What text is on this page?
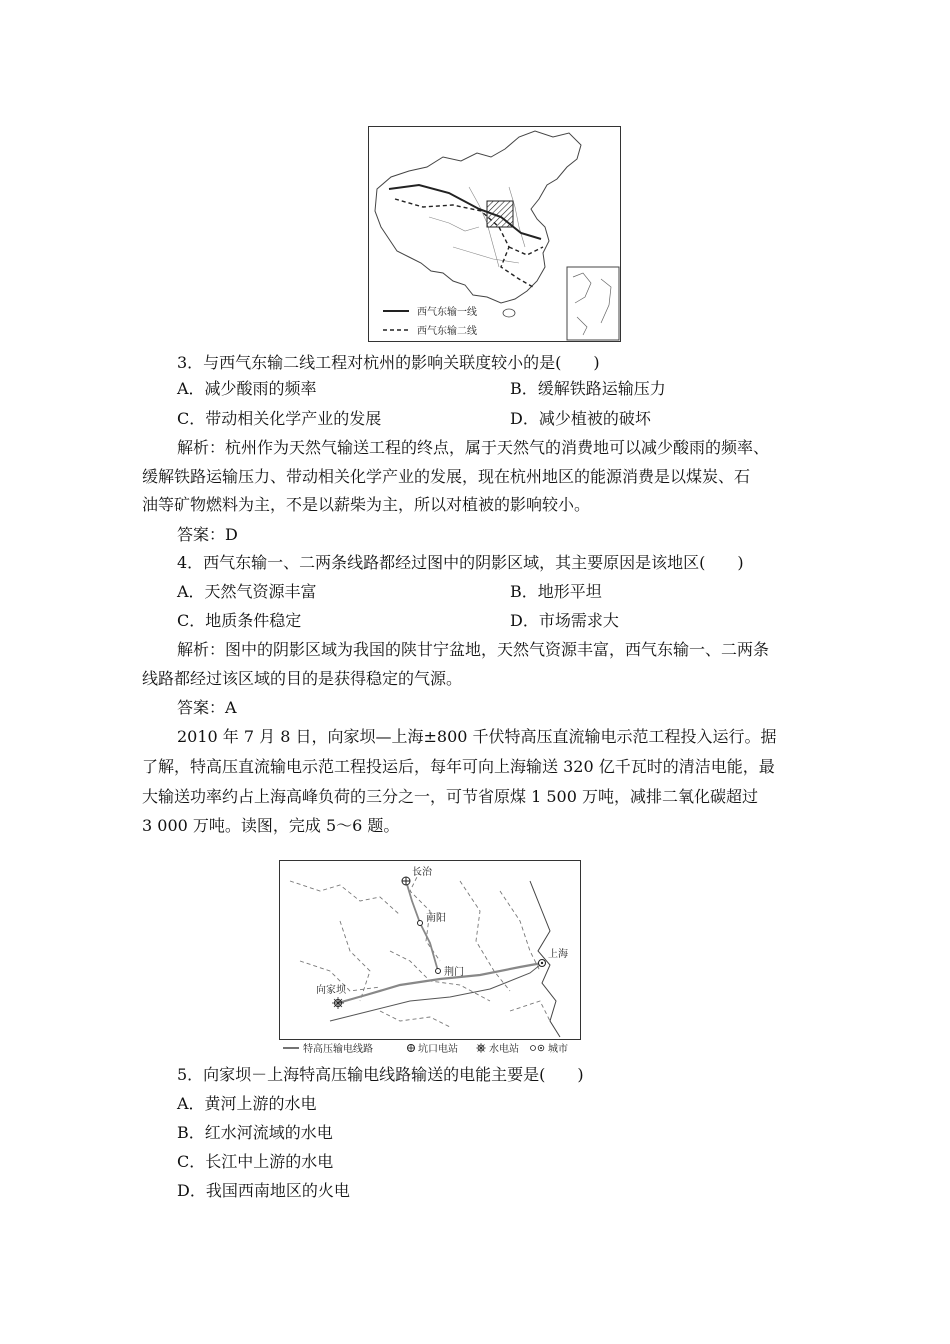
西气东输一线
西气东输二线
3．与西气东输二线工程对杭州的影响关联度较小的是(　　)
A．减少酸雨的频率	B．缓解铁路运输压力
C．带动相关化学产业的发展	D．减少植被的破坏
解析：杭州作为天然气输送工程的终点，属于天然气的消费地可以减少酸雨的频率、
缓解铁路运输压力、带动相关化学产业的发展，现在杭州地区的能源消费是以煤炭、石
油等矿物燃料为主，不是以薪柴为主，所以对植被的影响较小。
答案：D
4．西气东输一、二两条线路都经过图中的阴影区域，其主要原因是该地区(　　)
A．天然气资源丰富	B．地形平坦
C．地质条件稳定	D．市场需求大
解析：图中的阴影区域为我国的陕甘宁盆地，天然气资源丰富，西气东输一、二两条
线路都经过该区域的目的是获得稳定的气源。
答案：A
2010 年 7 月 8 日，向家坝—上海±800 千伏特高压直流输电示范工程投入运行。据
了解，特高压直流输电示范工程投运后，每年可向上海输送 320 亿千瓦时的清洁电能，最
大输送功率约占上海高峰负荷的三分之一，可节省原煤 1 500 万吨，减排二氧化碳超过
3 000 万吨。读图，完成 5～6 题。
长治
南阳
荆门
上海
向家坝
特高压输电线路	坑口电站	水电站	城市
5．向家坝－上海特高压输电线路输送的电能主要是(　　)
A．黄河上游的水电
B．红水河流域的水电
C．长江中上游的水电
D．我国西南地区的火电
